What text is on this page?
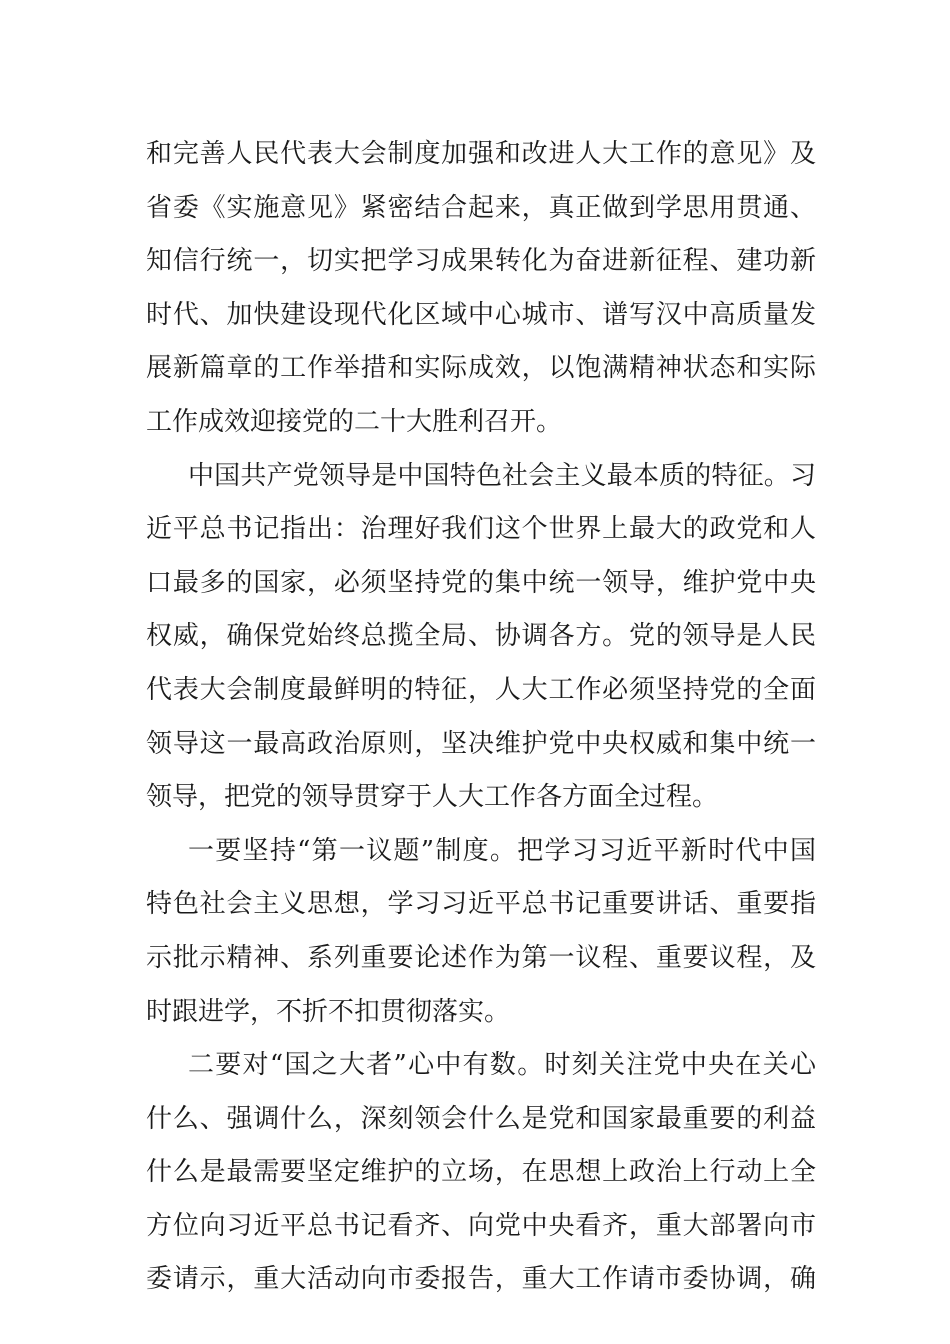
和完善人民代表大会制度加强和改进人大工作的意见》及
省委《实施意见》紧密结合起来，真正做到学思用贯通、
知信行统一，切实把学习成果转化为奋进新征程、建功新
时代、加快建设现代化区域中心城市、谱写汉中高质量发
展新篇章的工作举措和实际成效，以饱满精神状态和实际
工作成效迎接党的二十大胜利召开。
中国共产党领导是中国特色社会主义最本质的特征。习
近平总书记指出：治理好我们这个世界上最大的政党和人
口最多的国家，必须坚持党的集中统一领导，维护党中央
权威，确保党始终总揽全局、协调各方。党的领导是人民
代表大会制度最鲜明的特征，人大工作必须坚持党的全面
领导这一最高政治原则，坚决维护党中央权威和集中统一
领导，把党的领导贯穿于人大工作各方面全过程。
一要坚持“第一议题”制度。把学习习近平新时代中国
特色社会主义思想，学习习近平总书记重要讲话、重要指
示批示精神、系列重要论述作为第一议程、重要议程，及
时跟进学，不折不扣贯彻落实。
二要对“国之大者”心中有数。时刻关注党中央在关心
什么、强调什么，深刻领会什么是党和国家最重要的利益
什么是最需要坚定维护的立场，在思想上政治上行动上全
方位向习近平总书记看齐、向党中央看齐，重大部署向市
委请示，重大活动向市委报告，重大工作请市委协调，确
